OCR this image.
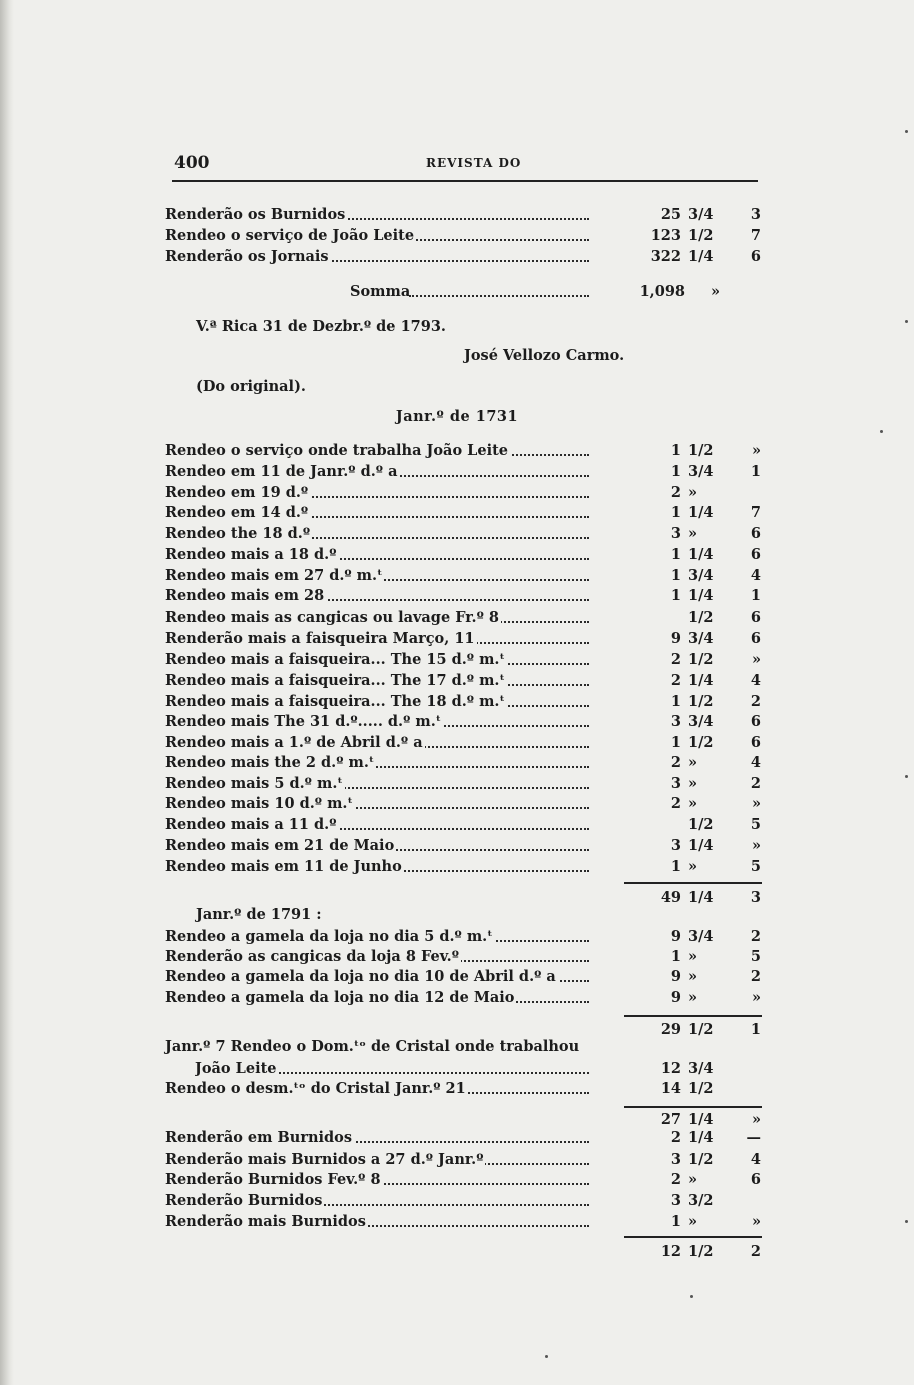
400	REVISTA DO
Renderão os Burnidos	25 3/4	3
Rendeo o serviço de João Leite	123 1/2	7
Renderão os Jornais	322 1/4	6
Somma	1,098 »
V.ª Rica 31 de Dezbr.º de 1793.
José Vellozo Carmo.
(Do original).
Janr.º de 1731
Rendeo o serviço onde trabalha João Leite	1 1/2	»
Rendeo em 11 de Janr.º d.º a	1 3/4	1
Rendeo em 19 d.º	2 »
Rendeo em 14 d.º	1 1/4	7
Rendeo the 18 d.º	3 »	6
Rendeo mais a 18 d.º	1 1/4	6
Rendeo mais em 27 d.º m.ᵗ	1 3/4	4
Rendeo mais em 28	1 1/4	1
Rendeo mais as cangicas ou lavage Fr.º 8	1/2	6
Renderão mais a faisqueira Março, 11	9 3/4	6
Rendeo mais a faisqueira... The 15 d.º m.ᵗ	2 1/2	»
Rendeo mais a faisqueira... The 17 d.º m.ᵗ	2 1/4	4
Rendeo mais a faisqueira... The 18 d.º m.ᵗ	1 1/2	2
Rendeo mais The 31 d.º..... d.º m.ᵗ	3 3/4	6
Rendeo mais a 1.º de Abril d.º a	1 1/2	6
Rendeo mais the 2 d.º m.ᵗ	2 »	4
Rendeo mais 5 d.º m.ᵗ	3 »	2
Rendeo mais 10 d.º m.ᵗ	2 »	»
Rendeo mais a 11 d.º	1/2	5
Rendeo mais em 21 de Maio	3 1/4	»
Rendeo mais em 11 de Junho	1 »	5
49 1/4	3
Janr.º de 1791 :
Rendeo a gamela da loja no dia 5 d.º m.ᵗ	9 3/4	2
Renderão as cangicas da loja 8 Fev.º	1 »	5
Rendeo a gamela da loja no dia 10 de Abril d.º a	9 »	2
Rendeo a gamela da loja no dia 12 de Maio	9 »	»
29 1/2	1
Janr.º 7 Rendeo o Dom.ᵗᵒ de Cristal onde trabalhou
João Leite	12 3/4
Rendeo o desm.ᵗᵒ do Cristal Janr.º 21	14 1/2
27 1/4	»
Renderão em Burnidos	2 1/4	—
Renderão mais Burnidos a 27 d.º Janr.º	3 1/2	4
Renderão Burnidos Fev.º 8	2 »	6
Renderão Burnidos	3 3/2
Renderão mais Burnidos	1 »	»
12 1/2	2
